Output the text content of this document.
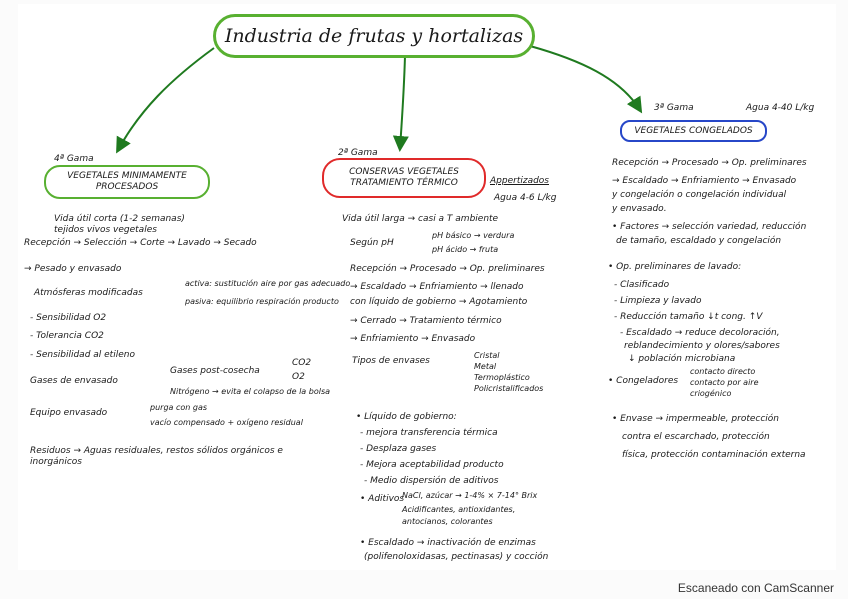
Industria de frutas y hortalizas
4ª Gama
VEGETALES MINIMAMENTE PROCESADOS
Vida útil corta (1-2 semanas)
tejidos vivos vegetales
Recepción → Selección → Corte → Lavado → Secado
→ Pesado y envasado
Atmósferas modificadas
activa: sustitución aire por gas adecuado
pasiva: equilibrio respiración producto
- Sensibilidad O2
- Tolerancia CO2
- Sensibilidad al etileno
Gases de envasado
Gases post-cosecha
CO2
O2
Nitrógeno → evita el colapso de la bolsa
Equipo envasado
purga con gas
vacío compensado + oxígeno residual
Residuos → Aguas residuales, restos sólidos orgánicos e inorgánicos
2ª Gama
CONSERVAS VEGETALES TRATAMIENTO TÉRMICO	Appertizados
Agua 4-6 L/kg
Vida útil larga → casi a T ambiente
Según pH
pH básico → verdura
pH ácido → fruta
Recepción → Procesado → Op. preliminares
→ Escaldado → Enfriamiento → llenado
con líquido de gobierno → Agotamiento
→ Cerrado → Tratamiento térmico
→ Enfriamiento → Envasado
Tipos de envases
Cristal
Metal
Termoplástico
Policristalificados
• Líquido de gobierno:
- mejora transferencia térmica
- Desplaza gases
- Mejora aceptabilidad producto
- Medio dispersión de aditivos
• Aditivos
NaCl, azúcar → 1-4% × 7-14° Brix
Acidificantes, antioxidantes,
antocianos, colorantes
• Escaldado → inactivación de enzimas
(polifenoloxidasas, pectinasas) y cocción
3ª Gama	Agua 4-40 L/kg
VEGETALES CONGELADOS
Recepción → Procesado → Op. preliminares
→ Escaldado → Enfriamiento → Envasado
y congelación o congelación individual
y envasado.
• Factores → selección variedad, reducción
de tamaño, escaldado y congelación
• Op. preliminares de lavado:
- Clasificado
- Limpieza y lavado
- Reducción tamaño ↓t cong. ↑V
- Escaldado → reduce decoloración,
reblandecimiento y olores/sabores
↓ población microbiana
• Congeladores
contacto directo
contacto por aire
criogénico
• Envase → impermeable, protección
contra el escarchado, protección
física, protección contaminación externa
Escaneado con CamScanner
